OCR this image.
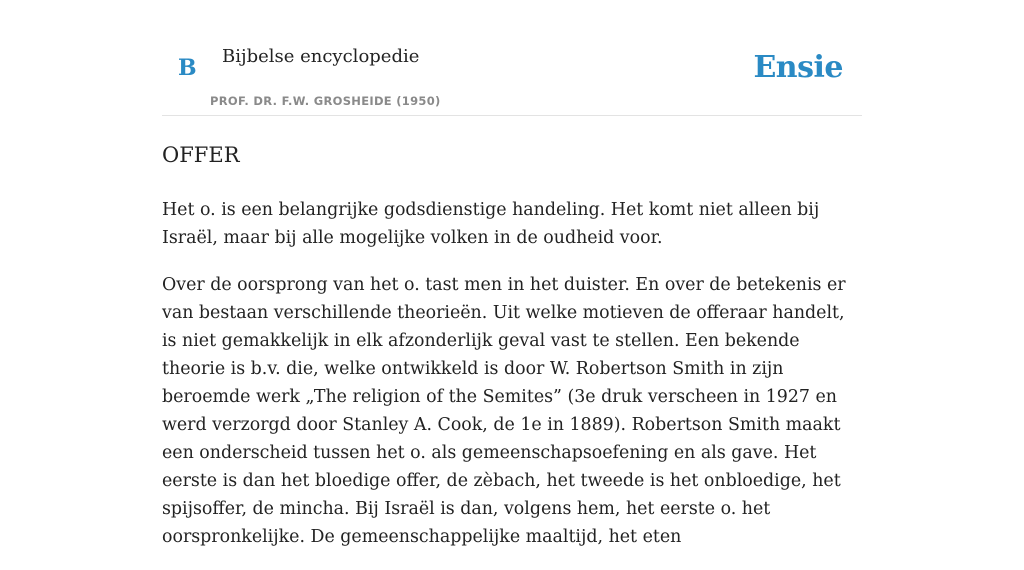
B Bijbelse encyclopedie
PROF. DR. F.W. GROSHEIDE (1950)
Ensie
OFFER

Het o. is een belangrijke godsdienstige handeling. Het komt niet alleen bij Israël, maar bij alle mogelijke volken in de oudheid voor.

Over de oorsprong van het o. tast men in het duister. En over de betekenis er van bestaan verschillende theorieën. Uit welke motieven de offeraar handelt, is niet gemakkelijk in elk afzonderlijk geval vast te stellen. Een bekende theorie is b.v. die, welke ontwikkeld is door W. Robertson Smith in zijn beroemde werk „The religion of the Semites” (3e druk verscheen in 1927 en werd verzorgd door Stanley A. Cook, de 1e in 1889). Robertson Smith maakt een onderscheid tussen het o. als gemeenschapsoefening en als gave. Het eerste is dan het bloedige offer, de zèbach, het tweede is het onbloedige, het spijsoffer, de mincha. Bij Israël is dan, volgens hem, het eerste o. het oorspronkelijke. De gemeenschappelijke maaltijd, het eten
